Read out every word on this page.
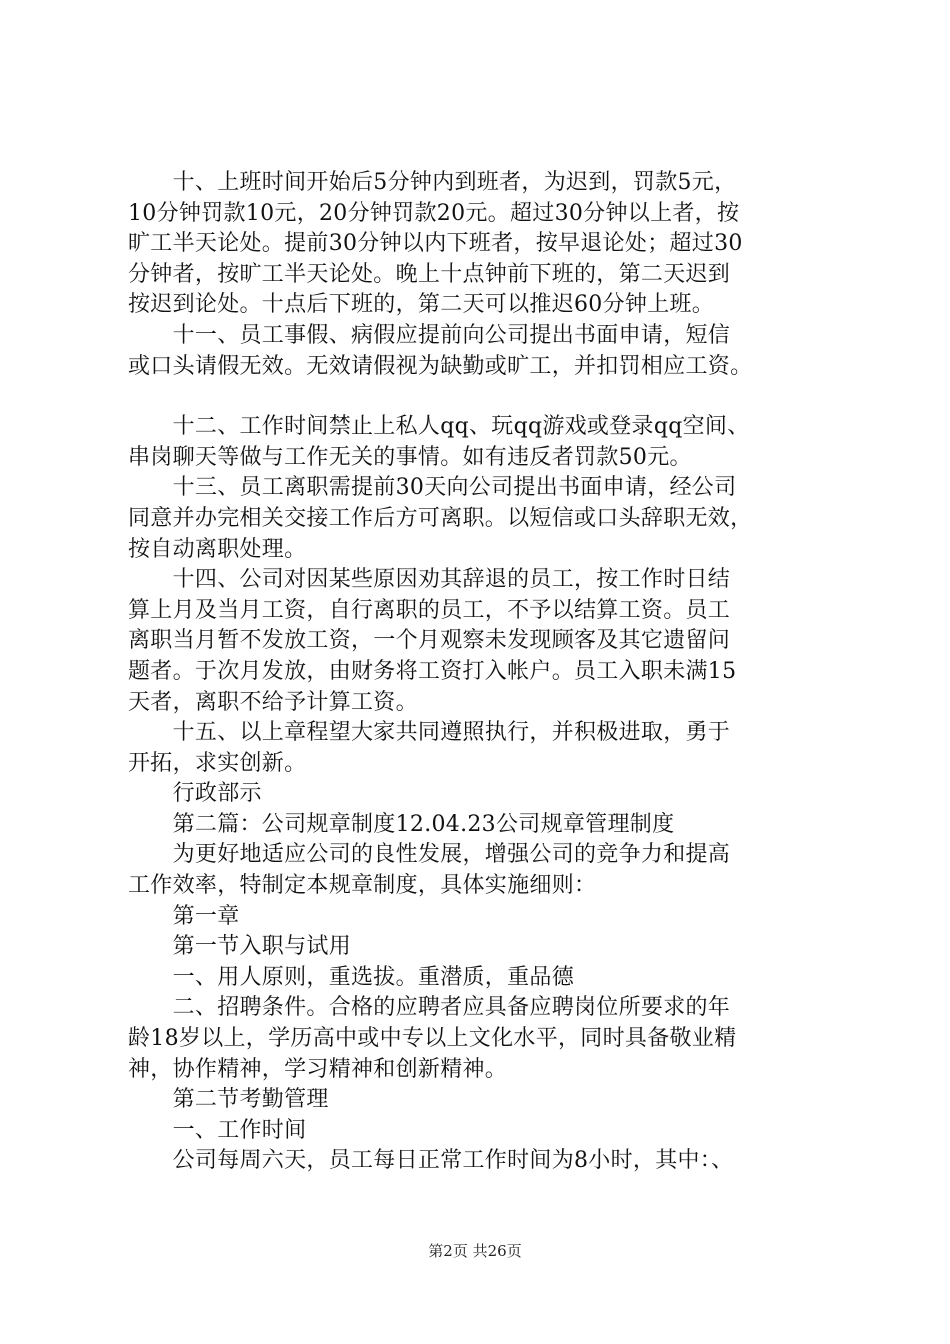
　　十、上班时间开始后5分钟内到班者，为迟到，罚款5元，
10分钟罚款10元，20分钟罚款20元。超过30分钟以上者，按
旷工半天论处。提前30分钟以内下班者，按早退论处；超过30
分钟者，按旷工半天论处。晚上十点钟前下班的，第二天迟到
按迟到论处。十点后下班的，第二天可以推迟60分钟上班。
　　十一、员工事假、病假应提前向公司提出书面申请，短信
或口头请假无效。无效请假视为缺勤或旷工，并扣罚相应工资。
　　十二、工作时间禁止上私人qq、玩qq游戏或登录qq空间、
串岗聊天等做与工作无关的事情。如有违反者罚款50元。
　　十三、员工离职需提前30天向公司提出书面申请，经公司
同意并办完相关交接工作后方可离职。以短信或口头辞职无效，
按自动离职处理。
　　十四、公司对因某些原因劝其辞退的员工，按工作时日结
算上月及当月工资，自行离职的员工，不予以结算工资。员工
离职当月暂不发放工资，一个月观察未发现顾客及其它遗留问
题者。于次月发放，由财务将工资打入帐户。员工入职未满15
天者，离职不给予计算工资。
　　十五、以上章程望大家共同遵照执行，并积极进取，勇于
开拓，求实创新。
　　行政部示
　　第二篇：公司规章制度12.04.23公司规章管理制度
　　为更好地适应公司的良性发展，增强公司的竞争力和提高
工作效率，特制定本规章制度，具体实施细则：
　　第一章
　　第一节入职与试用
　　一、用人原则，重选拔。重潜质，重品德
　　二、招聘条件。合格的应聘者应具备应聘岗位所要求的年
龄18岁以上，学历高中或中专以上文化水平，同时具备敬业精
神，协作精神，学习精神和创新精神。
　　第二节考勤管理
　　一、工作时间
　　公司每周六天，员工每日正常工作时间为8小时，其中：、
第2页 共26页
